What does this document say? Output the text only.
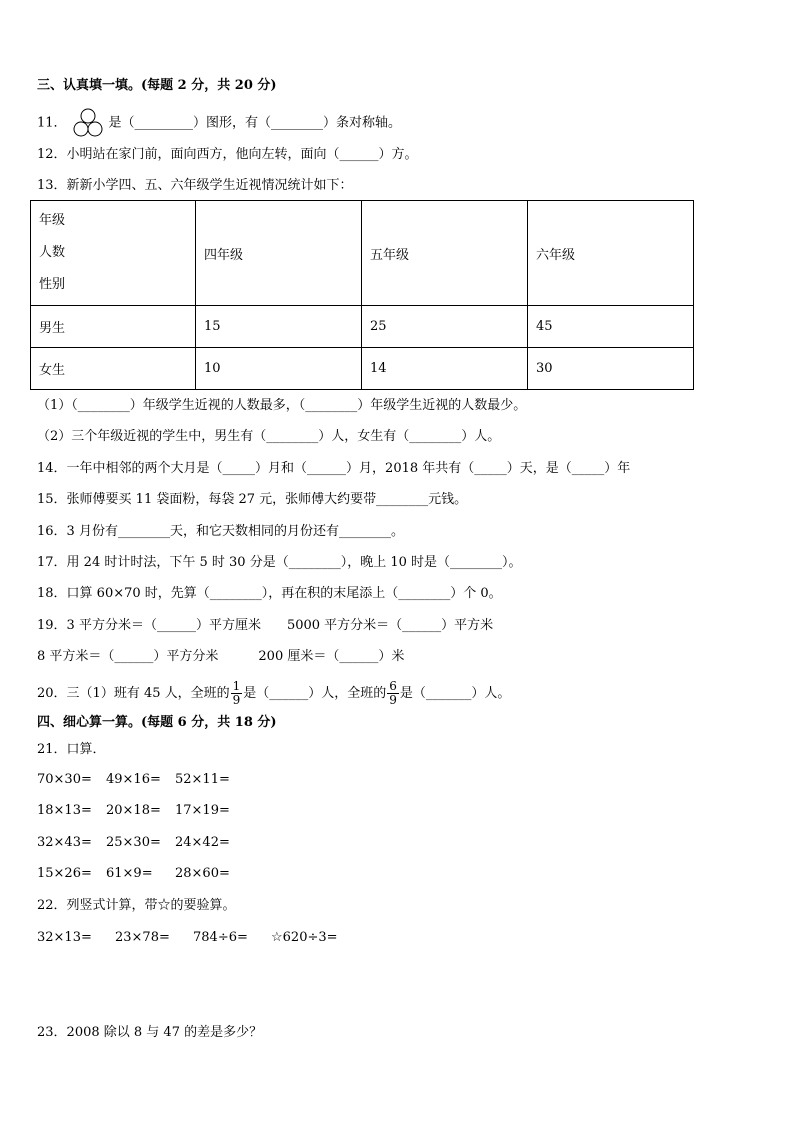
三、认真填一填。(每题 2 分，共 20 分)
11．	是（_________）图形，有（________）条对称轴。
12．小明站在家门前，面向西方，他向左转，面向（______）方。
13．新新小学四、五、六年级学生近视情况统计如下：
年级
人数
性别	四年级	五年级	六年级
男生	15	25	45
女生	10	14	30
（1）（________）年级学生近视的人数最多，（________）年级学生近视的人数最少。
（2）三个年级近视的学生中，男生有（________）人，女生有（________）人。
14．一年中相邻的两个大月是（_____）月和（______）月，2018 年共有（_____）天，是（_____）年
15．张师傅要买 11 袋面粉，每袋 27 元，张师傅大约要带________元钱。
16．3 月份有________天，和它天数相同的月份还有________。
17．用 24 时计时法，下午 5 时 30 分是（________），晚上 10 时是（________）。
18．口算 60×70 时，先算（________），再在积的末尾添上（________）个 0。
19．3 平方分米＝（______）平方厘米 5000 平方分米＝（______）平方米
8 平方米＝（______）平方分米	200 厘米＝（______）米
20．三（1）班有 45 人，全班的 $\frac{1}{9}$ 是（______）人，全班的 $\frac{6}{9}$ 是（_______）人。
四、细心算一算。(每题 6 分，共 18 分)
21．口算．
70×30= 49×16= 52×11=
18×13= 20×18= 17×19=
32×43= 25×30= 24×42=
15×26= 61×9= 28×60=
22．列竖式计算，带☆的要验算。
32×13= 23×78= 784÷6= ☆620÷3=
23．2008 除以 8 与 47 的差是多少？
